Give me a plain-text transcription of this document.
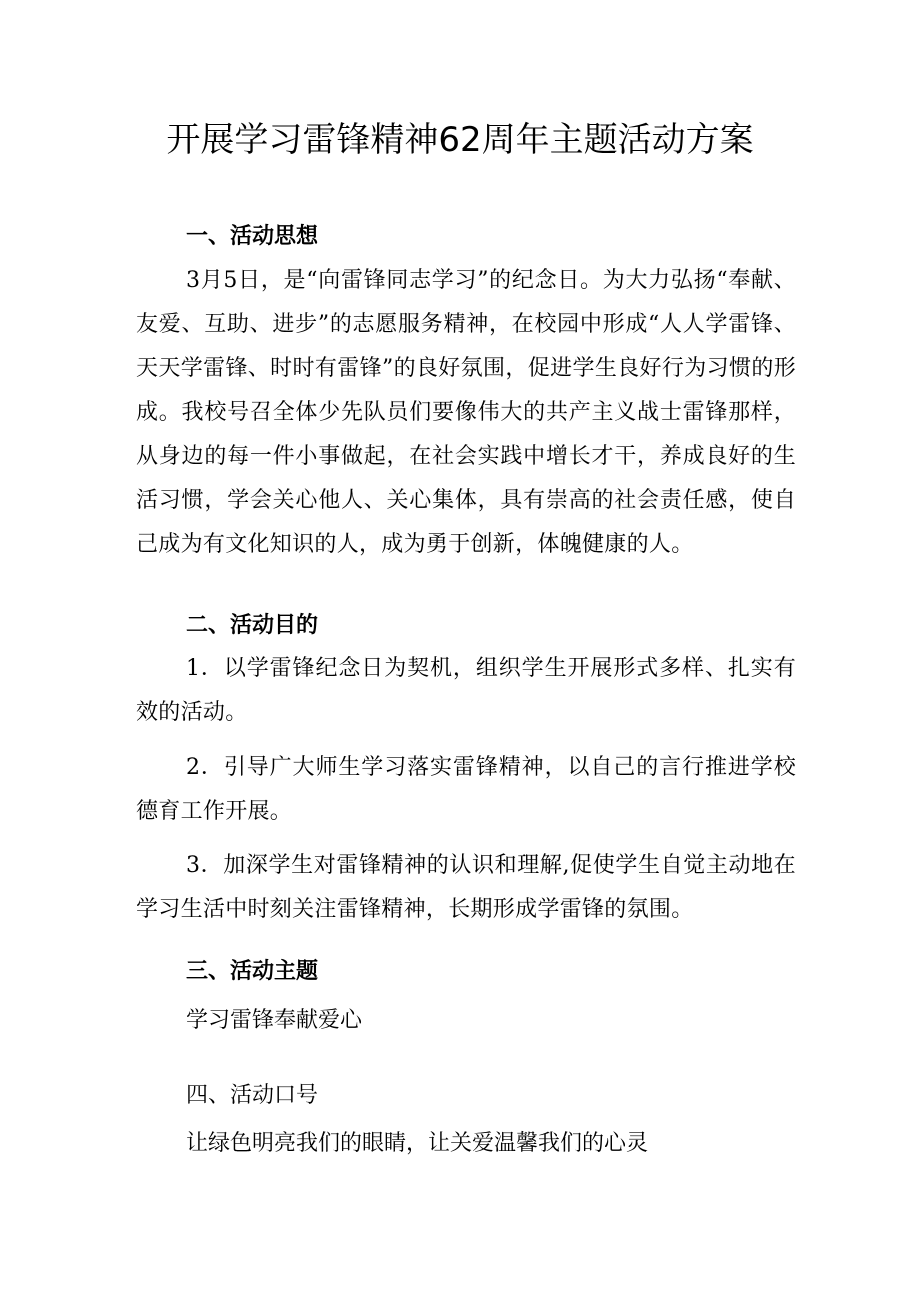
开展学习雷锋精神62周年主题活动方案

一、活动思想

3月5日，是“向雷锋同志学习”的纪念日。为大力弘扬“奉献、友爱、互助、进步”的志愿服务精神，在校园中形成“人人学雷锋、天天学雷锋、时时有雷锋”的良好氛围，促进学生良好行为习惯的形成。我校号召全体少先队员们要像伟大的共产主义战士雷锋那样，从身边的每一件小事做起，在社会实践中增长才干，养成良好的生活习惯，学会关心他人、关心集体，具有崇高的社会责任感，使自己成为有文化知识的人，成为勇于创新，体魄健康的人。

二、活动目的

1．以学雷锋纪念日为契机，组织学生开展形式多样、扎实有效的活动。

2．引导广大师生学习落实雷锋精神，以自己的言行推进学校德育工作开展。

3．加深学生对雷锋精神的认识和理解,促使学生自觉主动地在学习生活中时刻关注雷锋精神，长期形成学雷锋的氛围。

三、活动主题

学习雷锋奉献爱心

四、活动口号

让绿色明亮我们的眼睛，让关爱温馨我们的心灵
